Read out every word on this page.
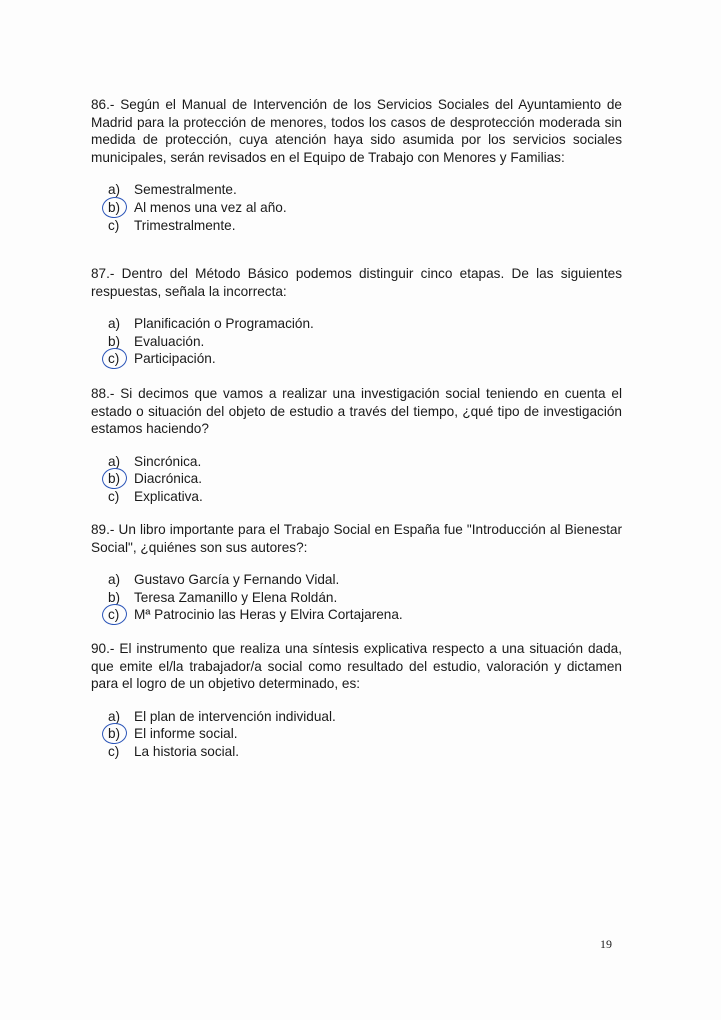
86.- Según el Manual de Intervención de los Servicios Sociales del Ayuntamiento de Madrid para la protección de menores, todos los casos de desprotección moderada sin medida de protección, cuya atención haya sido asumida por los servicios sociales municipales, serán revisados en el Equipo de Trabajo con Menores y Familias:

a) Semestralmente.
b) Al menos una vez al año.
c) Trimestralmente.

87.- Dentro del Método Básico podemos distinguir cinco etapas. De las siguientes respuestas, señala la incorrecta:

a) Planificación o Programación.
b) Evaluación.
c) Participación.

88.- Si decimos que vamos a realizar una investigación social teniendo en cuenta el estado o situación del objeto de estudio a través del tiempo, ¿qué tipo de investigación estamos haciendo?

a) Sincrónica.
b) Diacrónica.
c) Explicativa.

89.- Un libro importante para el Trabajo Social en España fue "Introducción al Bienestar Social", ¿quiénes son sus autores?:

a) Gustavo García y Fernando Vidal.
b) Teresa Zamanillo y Elena Roldán.
c) Mª Patrocinio las Heras y Elvira Cortajarena.

90.- El instrumento que realiza una síntesis explicativa respecto a una situación dada, que emite el/la trabajador/a social como resultado del estudio, valoración y dictamen para el logro de un objetivo determinado, es:

a) El plan de intervención individual.
b) El informe social.
c) La historia social.
19
